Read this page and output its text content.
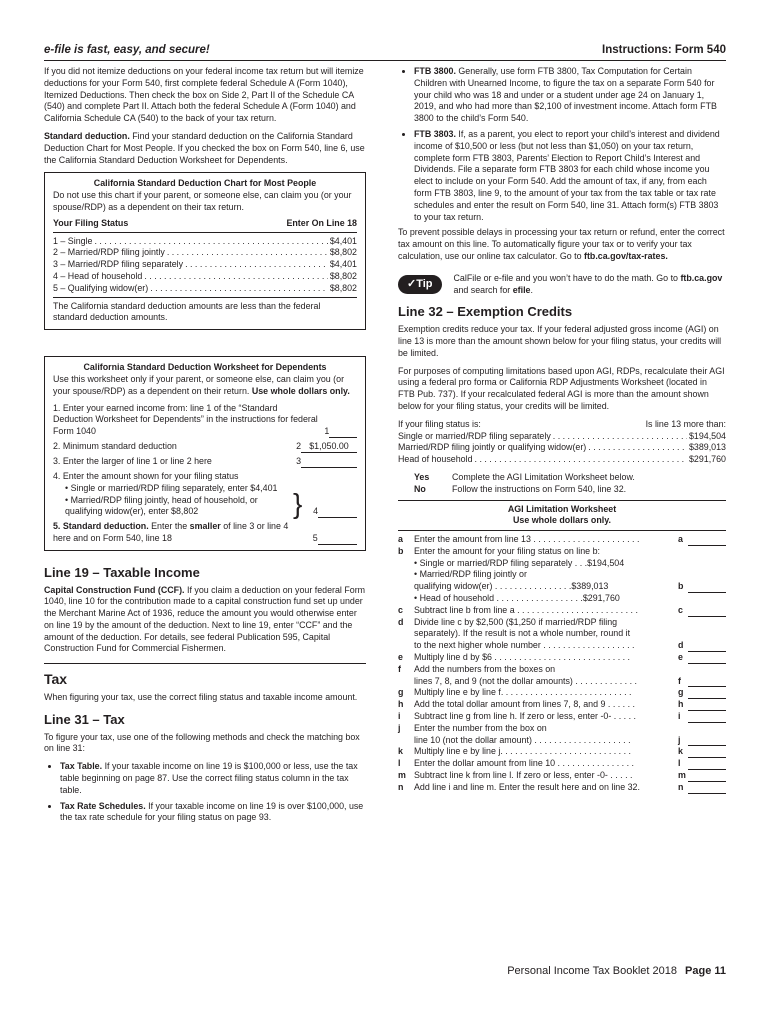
e-file is fast, easy, and secure!	Instructions: Form 540

If you did not itemize deductions on your federal income tax return but will itemize deductions for your Form 540, first complete federal Schedule A (Form 1040), Itemized Deductions. Then check the box on Side 2, Part II of the Schedule CA (540) and complete Part II. Attach both the federal Schedule A (Form 1040) and California Schedule CA (540) to the back of your tax return.

Standard deduction. Find your standard deduction on the California Standard Deduction Chart for Most People. If you checked the box on Form 540, line 6, use the California Standard Deduction Worksheet for Dependents.

California Standard Deduction Chart for Most People
Do not use this chart if your parent, or someone else, can claim you (or your spouse/RDP) as a dependent on their tax return.
Your Filing Status	Enter On Line 18
1 – Single . . .	$4,401
2 – Married/RDP filing jointly . . .	$8,802
3 – Married/RDP filing separately . . .	$4,401
4 – Head of household . . .	$8,802
5 – Qualifying widow(er) . . .	$8,802
The California standard deduction amounts are less than the federal standard deduction amounts.
California Standard Deduction Worksheet for Dependents
Use this worksheet only if your parent, or someone else, can claim you (or your spouse/RDP) as a dependent on their return. Use whole dollars only.
1. Enter your earned income from: line 1 of the “Standard Deduction Worksheet for Dependents” in the instructions for federal Form 1040	1
2. Minimum standard deduction	2 $1,050.00
3. Enter the larger of line 1 or line 2 here	3
4. Enter the amount shown for your filing status
• Single or married/RDP filing separately, enter $4,401
• Married/RDP filing jointly, head of household, or qualifying widow(er), enter $8,802	}	4
5. Standard deduction. Enter the smaller of line 3 or line 4 here and on Form 540, line 18	5
Line 19 – Taxable Income

Capital Construction Fund (CCF). If you claim a deduction on your federal Form 1040, line 10 for the contribution made to a capital construction fund set up under the Merchant Marine Act of 1936, reduce the amount you would otherwise enter on line 19 by the amount of the deduction. Next to line 19, enter “CCF” and the amount of the deduction. For details, see federal Publication 595, Capital Construction Fund for Commercial Fishermen.

Tax

When figuring your tax, use the correct filing status and taxable income amount.

Line 31 – Tax

To figure your tax, use one of the following methods and check the matching box on line 31:

• Tax Table. If your taxable income on line 19 is $100,000 or less, use the tax table beginning on page 87. Use the correct filing status column in the tax table.
• Tax Rate Schedules. If your taxable income on line 19 is over $100,000, use the tax rate schedule for your filing status on page 93.
• FTB 3800. Generally, use form FTB 3800, Tax Computation for Certain Children with Unearned Income, to figure the tax on a separate Form 540 for your child who was 18 and under or a student under age 24 on January 1, 2019, and who had more than $2,100 of investment income. Attach form FTB 3800 to the child’s Form 540.
• FTB 3803. If, as a parent, you elect to report your child’s interest and dividend income of $10,500 or less (but not less than $1,050) on your tax return, complete form FTB 3803, Parents’ Election to Report Child’s Interest and Dividends. File a separate form FTB 3803 for each child whose income you elect to include on your Form 540. Add the amount of tax, if any, from each form FTB 3803, line 9, to the amount of your tax from the tax table or tax rate schedules and enter the result on Form 540, line 31. Attach form(s) FTB 3803 to your tax return.

To prevent possible delays in processing your tax return or refund, enter the correct tax amount on this line. To automatically figure your tax or to verify your tax calculation, use our online tax calculator. Go to ftb.ca.gov/tax-rates.

✓Tip	CalFile or e-file and you won’t have to do the math. Go to ftb.ca.gov and search for efile.
Line 32 – Exemption Credits

Exemption credits reduce your tax. If your federal adjusted gross income (AGI) on line 13 is more than the amount shown below for your filing status, your credits will be limited.

For purposes of computing limitations based upon AGI, RDPs, recalculate their AGI using a federal pro forma or California RDP Adjustments Worksheet (located in FTB Pub. 737). If your recalculated federal AGI is more than the amount shown below for your filing status, your credits will be limited.

If your filing status is:	Is line 13 more than:
Single or married/RDP filing separately . . .	$194,504
Married/RDP filing jointly or qualifying widow(er) . . .	$389,013
Head of household . . .	$291,760
Yes	Complete the AGI Limitation Worksheet below.
No	Follow the instructions on Form 540, line 32.
AGI Limitation Worksheet
Use whole dollars only.
a	Enter the amount from line 13 . . . . . . . . . . . . . . . . . . . . . .	a
b	Enter the amount for your filing status on line b:
• Single or married/RDP filing separately . . .$194,504
• Married/RDP filing jointly or
qualifying widow(er) . . . . . . . . . . . . . . . .$389,013	b
• Head of household . . . . . . . . . . . . . . . . . .$291,760
c	Subtract line b from line a . . . . . . . . . . . . . . . . . . . . . . . . .	c
d	Divide line c by $2,500 ($1,250 if married/RDP filing
separately). If the result is not a whole number, round it
to the next higher whole number . . . . . . . . . . . . . . . . . . .	d
e	Multiply line d by $6 . . . . . . . . . . . . . . . . . . . . . . . . . . . .	e
f	Add the numbers from the boxes on
lines 7, 8, and 9 (not the dollar amounts) . . . . . . . . . . . . .	f
g	Multiply line e by line f. . . . . . . . . . . . . . . . . . . . . . . . . . .	g
h	Add the total dollar amount from lines 7, 8, and 9 . . . . . .	h
i	Subtract line g from line h. If zero or less, enter -0- . . . . .	i
j	Enter the number from the box on
line 10 (not the dollar amount) . . . . . . . . . . . . . . . . . . . .	j
k	Multiply line e by line j. . . . . . . . . . . . . . . . . . . . . . . . . . .	k
l	Enter the dollar amount from line 10 . . . . . . . . . . . . . . . .	l
m Subtract line k from line l. If zero or less, enter -0- . . . . .	m
n	Add line i and line m. Enter the result here and on line 32.	n
Personal Income Tax Booklet 2018 Page 11
